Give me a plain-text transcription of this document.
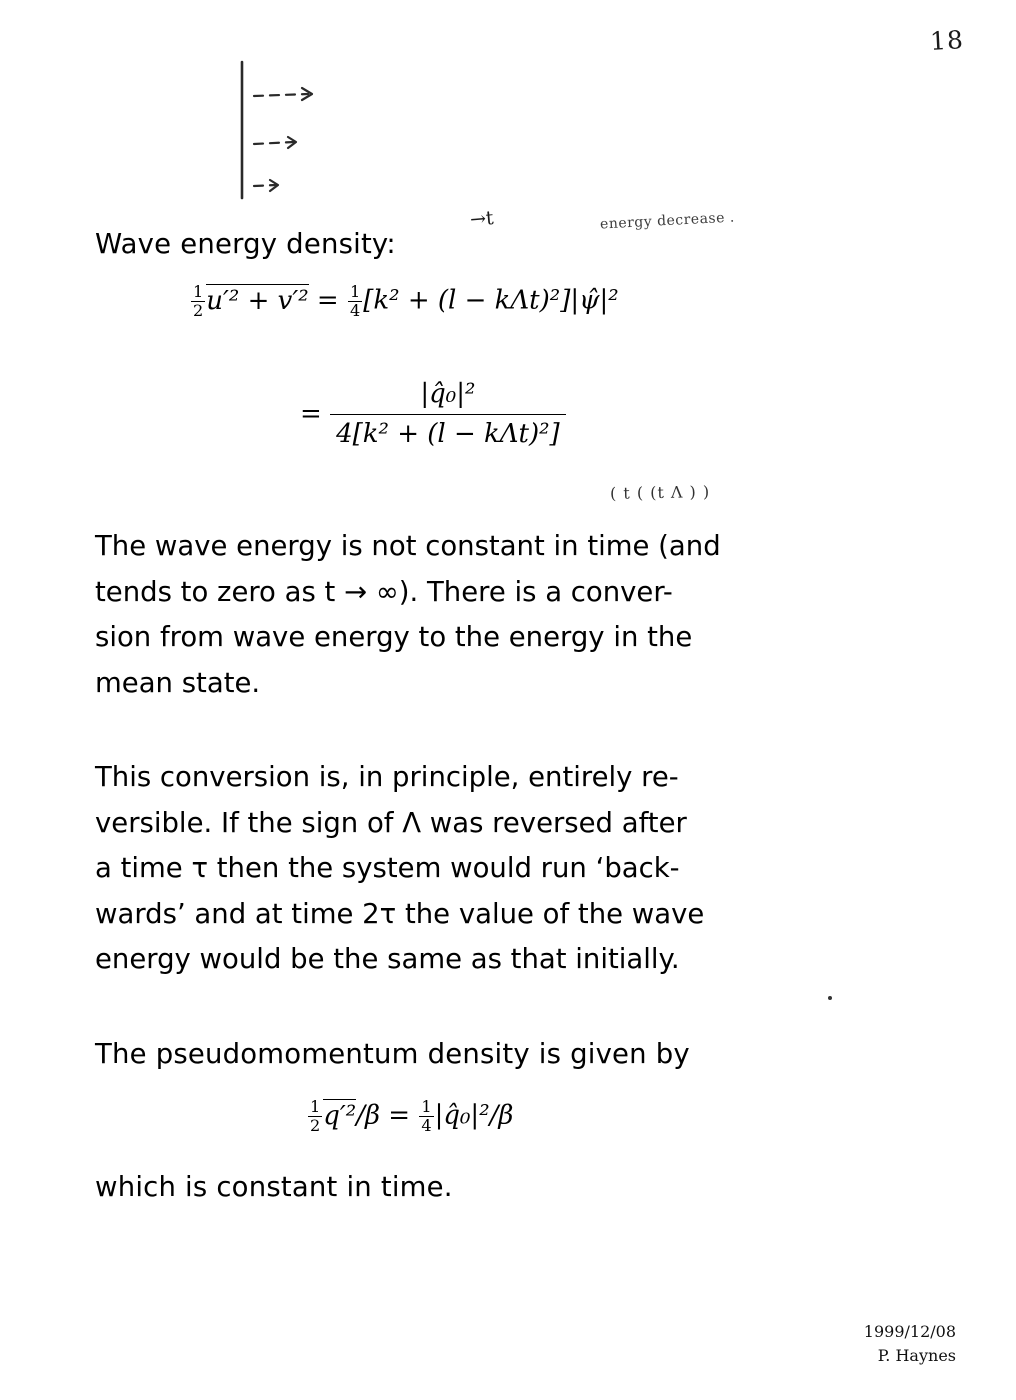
18
Wave energy density:
→t	energy decrease .
( t ( (t Λ ) )
$\frac{1}{2} u'^2 + v'^2 = \frac{1}{4} [k^2 + (l$ − kΛt)²]|ψ̂|²
= $\frac{\text{|q̂₀|²}}{\text{4[k² + (l − kΛt)²]}}$
The wave energy is not constant in time (and
tends to zero as t → ∞). There is a conver-
sion from wave energy to the energy in the
mean state.
This conversion is, in principle, entirely re-
versible. If the sign of Λ was reversed after
a time τ then the system would run ‘back-
wards’ and at time 2τ the value of the wave
energy would be the same as that initially.
The pseudomomentum density is given by
$\frac{1}{2} q'^2/\beta = \frac{1}{4}$ |q̂₀|²/β
which is constant in time.
1999/12/08
P. Haynes
